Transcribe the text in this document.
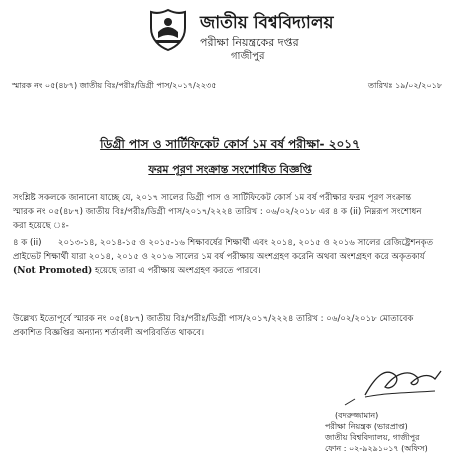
জাতীয় বিশ্ববিদ্যালয়
পরীক্ষা নিয়ন্ত্রকের দপ্তর
গাজীপুর
স্মারক নং ০৫(৪৮৭) জাতীয় বিঃ/পরীঃ/ডিগ্রী পাস/২০১৭/২২৩৫	তারিখঃ ১৯/০২/২০১৮
ডিগ্রী পাস ও সার্টিফিকেট কোর্স ১ম বর্ষ পরীক্ষা- ২০১৭
ফরম পূরণ সংক্রান্ত সংশোধিত বিজ্ঞপ্তি
সংশ্লিষ্ট সকলকে জানানো যাচ্ছে যে, ২০১৭ সালের ডিগ্রী পাস ও সার্টিফিকেট কোর্স ১ম বর্ষ পরীক্ষার ফরম পূরণ সংক্রান্ত
স্মারক নং ০৫(৪৮৭) জাতীয় বিঃ/পরীঃ/ডিগ্রী পাস/২০১৭/২২২৪ তারিখ : ০৬/০২/২০১৮ এর ৪ ক (ii) নিম্নরূপ সংশোধন
করা হয়েছে ঃ-
৪ ক (ii)      ২০১৩-১৪, ২০১৪-১৫ ও ২০১৫-১৬ শিক্ষাবর্ষের শিক্ষার্থী এবং ২০১৪, ২০১৫ ও ২০১৬ সালের রেজিষ্ট্রেশনকৃত
প্রাইভেট শিক্ষার্থী যারা ২০১৪, ২০১৫ ও ২০১৬ সালের ১ম বর্ষ পরীক্ষায় অংশগ্রহণ করেনি অথবা অংশগ্রহণ করে অকৃতকার্য
(Not Promoted) হয়েছে তারা এ পরীক্ষায় অংশগ্রহণ করতে পারবে।
উল্লেখ্য ইতোপূর্বে স্মারক নং ০৫(৪৮৭) জাতীয় বিঃ/পরীঃ/ডিগ্রী পাস/২০১৭/২২২৪ তারিখ : ০৬/০২/২০১৮ মোতাবেক
প্রকাশিত বিজ্ঞপ্তির অন্যান্য শর্তাবলী অপরিবর্তিত থাকবে।
(বদরুজ্জামান)
পরীক্ষা নিয়ন্ত্রক (ভারপ্রাপ্ত)
জাতীয় বিশ্ববিদ্যালয়, গাজীপুর
ফোন : ০২-৯২৯১০১৭ (অফিস)
